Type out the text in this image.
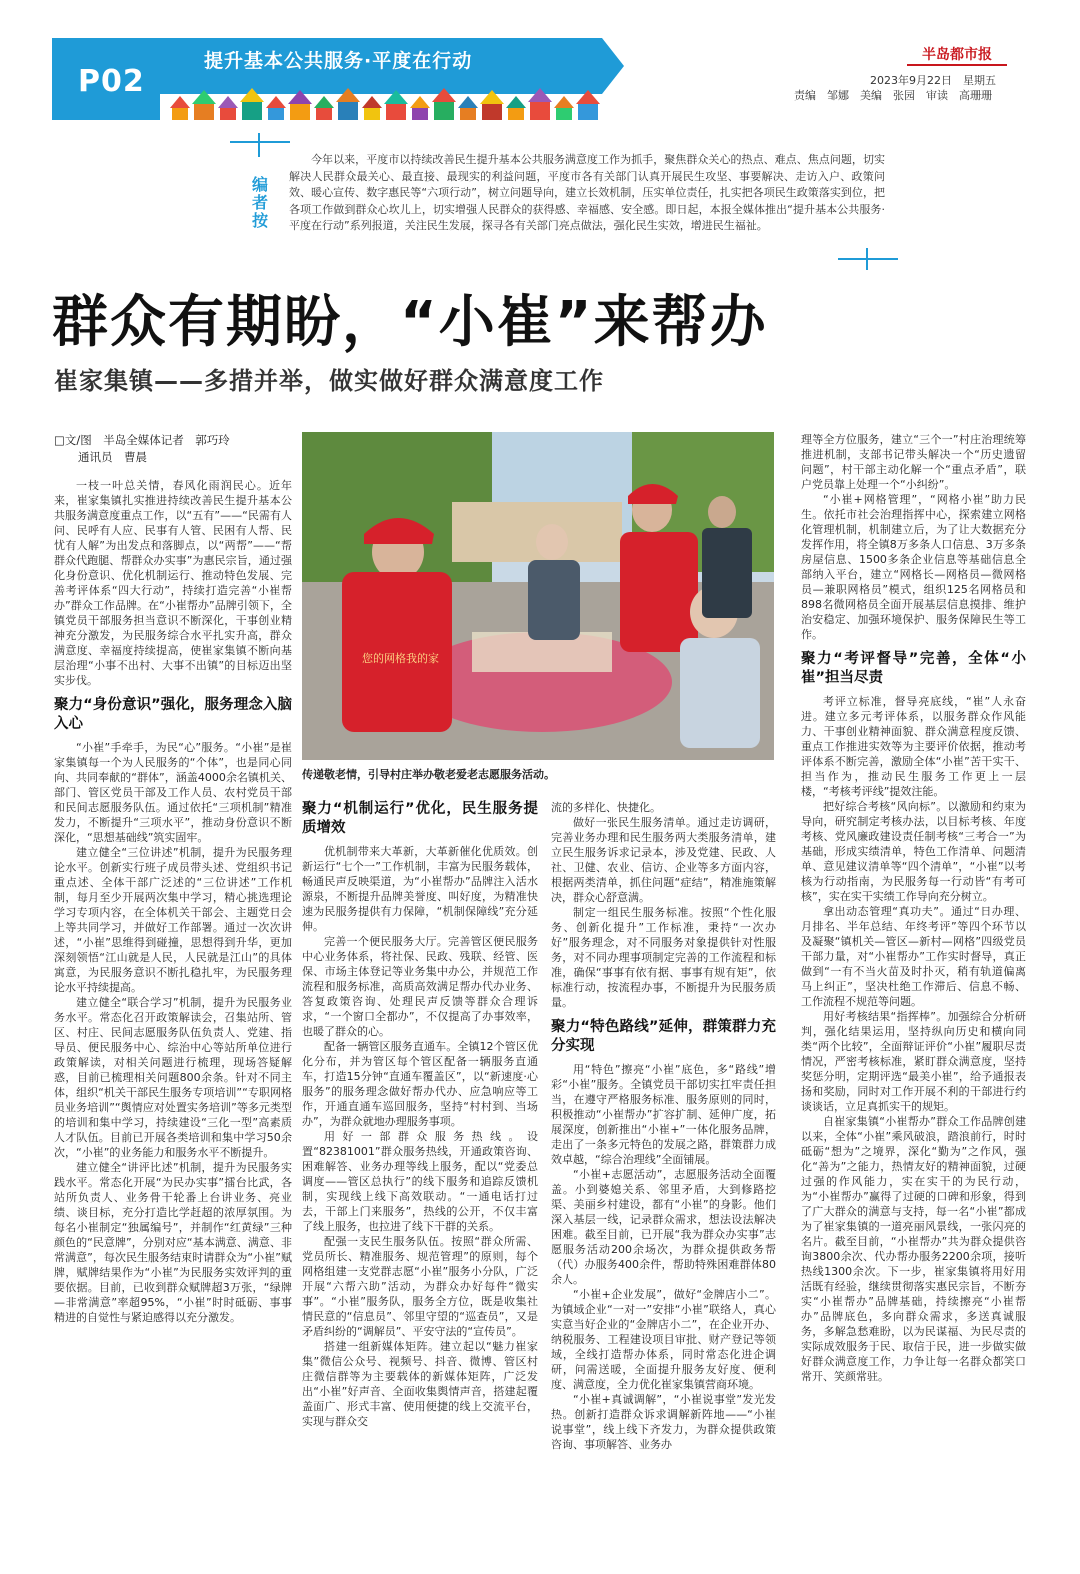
P02
提升基本公共服务·平度在行动	半岛都市报
2023年9月22日　星期五
责编　邹娜　美编　张园　审读　高珊珊
编者按
今年以来，平度市以持续改善民生提升基本公共服务满意度工作为抓手，聚焦群众关心的热点、难点、焦点问题，切实解决人民群众最关心、最直接、最现实的利益问题，平度市各有关部门认真开展民生攻坚、事要解决、走访入户、政策问效、暖心宣传、数字惠民等“六项行动”，树立问题导向，建立长效机制，压实单位责任，扎实把各项民生政策落实到位，把各项工作做到群众心坎儿上，切实增强人民群众的获得感、幸福感、安全感。即日起，本报全媒体推出“提升基本公共服务·平度在行动”系列报道，关注民生发展，探寻各有关部门亮点做法，强化民生实效，增进民生福祉。
群众有期盼，“小崔”来帮办
崔家集镇——多措并举，做实做好群众满意度工作
□文/图　半岛全媒体记者　郭巧玲
通讯员　曹晨

一枝一叶总关情，春风化雨润民心。近年来，崔家集镇扎实推进持续改善民生提升基本公共服务满意度重点工作，以“五有”——“民需有人问、民呼有人应、民事有人管、民困有人帮、民忧有人解”为出发点和落脚点，以“两帮”——“帮群众代跑腿、帮群众办实事”为惠民宗旨，通过强化身份意识、优化机制运行、推动特色发展、完善考评体系“四大行动”，持续打造完善“小崔帮办”群众工作品牌。在“小崔帮办”品牌引领下，全镇党员干部服务担当意识不断深化，干事创业精神充分激发，为民服务综合水平扎实升高，群众满意度、幸福度持续提高，使崔家集镇不断向基层治理“小事不出村、大事不出镇”的目标迈出坚实步伐。

聚力“身份意识”强化，服务理念入脑入心

“小崔”手牵手，为民“心”服务。“小崔”是崔家集镇每一个为人民服务的“个体”，也是同心同向、共同奉献的“群体”，涵盖4000余名镇机关、部门、管区党员干部及工作人员、农村党员干部和民间志愿服务队伍。通过依托“三项机制”精准发力，不断提升“三项水平”，推动身份意识不断深化，“思想基础线”筑实固牢。

建立健全“三位讲述”机制，提升为民服务理论水平。创新实行班子成员带头述、党组织书记重点述、全体干部广泛述的“三位讲述”工作机制，每月至少开展两次集中学习，精心挑选理论学习专项内容，在全体机关干部会、主题党日会上等共同学习，并做好工作部署。通过一次次讲述，“小崔”思维得到碰撞，思想得到升华，更加深刻领悟“江山就是人民，人民就是江山”的具体寓意，为民服务意识不断扎稳扎牢，为民服务理论水平持续提高。

建立健全“联合学习”机制，提升为民服务业务水平。常态化召开政策解读会，召集站所、管区、村庄、民间志愿服务队伍负责人、党建、指导员、便民服务中心、综治中心等站所单位进行政策解读，对相关问题进行梳理，现场答疑解惑，目前已梳理相关问题800余条。针对不同主体，组织“机关干部民生服务专项培训”“专职网格员业务培训”“舆情应对处置实务培训”等多元类型的培训和集中学习，持续建设“三化一型”高素质人才队伍。目前已开展各类培训和集中学习50余次，“小崔”的业务能力和服务水平不断提升。

建立健全“讲评比述”机制，提升为民服务实践水平。常态化开展“为民办实事”擂台比武，各站所负责人、业务骨干轮番上台讲业务、亮业绩、谈目标，充分打造比学赶超的浓厚氛围。为每名小崔制定“独属编号”，并制作“红黄绿”三种颜色的“民意牌”，分别对应“基本满意、满意、非常满意”，每次民生服务结束时请群众为“小崔”赋牌，赋牌结果作为“小崔”为民服务实效评判的重要依据。目前，已收到群众赋牌超3万张，“绿牌—非常满意”率超95%，“小崔”时时砥砺、事事精进的自觉性与紧迫感得以充分激发。

您的网格我的家
传递敬老情，引导村庄举办敬老爱老志愿服务活动。
聚力“机制运行”优化，民生服务提质增效

优机制带来大革新，大革新催化优质效。创新运行“七个一”工作机制，丰富为民服务载体，畅通民声反映渠道，为“小崔帮办”品牌注入活水源泉，不断提升品牌美誉度、叫好度，为精准快速为民服务提供有力保障，“机制保障线”充分延伸。

完善一个便民服务大厅。完善管区便民服务中心业务体系，将社保、民政、残联、经管、医保、市场主体登记等业务集中办公，并规范工作流程和服务标准，高质高效满足帮办代办业务、答复政策咨询、处理民声反馈等群众合理诉求，“一个窗口全都办”，不仅提高了办事效率，也暖了群众的心。

配备一辆管区服务直通车。全镇12个管区优化分布，并为管区每个管区配备一辆服务直通车，打造15分钟“直通车覆盖区”，以“新速度·心服务”的服务理念做好帮办代办、应急响应等工作，开通直通车巡回服务，坚持“村村到、当场办”，为群众就地办理服务事项。

用好一部群众服务热线。设置“82381001”群众服务热线，开通政策咨询、困难解答、业务办理等线上服务，配以“党委总调度——管区总执行”的线下服务和追踪反馈机制，实现线上线下高效联动。“一通电话打过去，干部上门来服务”，热线的公开，不仅丰富了线上服务，也拉进了线下干群的关系。

配强一支民生服务队伍。按照“群众所需、党员所长、精准服务、规范管理”的原则，每个网格组建一支党群志愿“小崔”服务小分队，广泛开展“六帮六助”活动，为群众办好每件“微实事”。“小崔”服务队，服务全方位，既是收集社情民意的“信息员”、邻里守望的“巡查员”，又是矛盾纠纷的“调解员”、平安守法的“宣传员”。

搭建一组新媒体矩阵。建立起以“魅力崔家集”微信公众号、视频号、抖音、微博、管区村庄微信群等为主要载体的新媒体矩阵，广泛发出“小崔”好声音、全面收集舆情声音，搭建起覆盖面广、形式丰富、使用便捷的线上交流平台，实现与群众交

流的多样化、快捷化。

做好一张民生服务清单。通过走访调研，完善业务办理和民生服务两大类服务清单，建立民生服务诉求记录本，涉及党建、民政、人社、卫健、农业、信访、企业等多方面内容，根据两类清单，抓住问题“症结”，精准施策解决，群众心舒意满。

制定一组民生服务标准。按照“个性化服务、创新化提升”工作标准，秉持“一次办好”服务理念，对不同服务对象提供针对性服务，对不同办理事项制定完善的工作流程和标准，确保“事事有依有据、事事有规有矩”，依标准行动，按流程办事，不断提升为民服务质量。

聚力“特色路线”延伸，群策群力充分实现

用“特色”擦亮“小崔”底色，多“路线”增彩“小崔”服务。全镇党员干部切实扛牢责任担当，在遵守严格服务标准、服务原则的同时，积极推动“小崔帮办”扩容扩制、延伸广度，拓展深度，创新推出“小崔+”一体化服务品牌，走出了一条多元特色的发展之路，群策群力成效卓越，“综合治理线”全面铺展。

“小崔+志愿活动”，志愿服务活动全面覆盖。小到婆媳关系、邻里矛盾，大到修路挖渠、美丽乡村建设，都有“小崔”的身影。他们深入基层一线，记录群众需求，想法设法解决困难。截至目前，已开展“我为群众办实事”志愿服务活动200余场次，为群众提供政务帮（代）办服务400余件，帮助特殊困难群体80余人。

“小崔+企业发展”，做好“金牌店小二”。为镇域企业“一对一”安排“小崔”联络人，真心实意当好企业的“金牌店小二”，在企业开办、纳税服务、工程建设项目审批、财产登记等领域，全线打造帮办体系，同时常态化进企调研，问需送暖，全面提升服务友好度、便利度、满意度，全力优化崔家集镇营商环境。

“小崔+真诚调解”，“小崔说事堂”发光发热。创新打造群众诉求调解新阵地——“小崔说事堂”，线上线下齐发力，为群众提供政策咨询、事项解答、业务办

理等全方位服务，建立“三个一”村庄治理统筹推进机制，支部书记带头解决一个“历史遗留问题”，村干部主动化解一个“重点矛盾”，联户党员靠上处理一个“小纠纷”。

“小崔+网格管理”，“网格小崔”助力民生。依托市社会治理指挥中心，探索建立网格化管理机制，机制建立后，为了让大数据充分发挥作用，将全镇8万多条人口信息、3万多条房屋信息、1500多条企业信息等基础信息全部纳入平台，建立“网格长—网格员—微网格员—兼职网格员”模式，组织125名网格员和898名微网格员全面开展基层信息摸排、维护治安稳定、加强环境保护、服务保障民生等工作。

聚力“考评督导”完善，全体“小崔”担当尽责

考评立标准，督导亮底线，“崔”人永奋进。建立多元考评体系，以服务群众作风能力、干事创业精神面貌、群众满意程度反馈、重点工作推进实效等为主要评价依据，推动考评体系不断完善，激励全体“小崔”苦干实干、担当作为，推动民生服务工作更上一层楼，“考核考评线”提效注能。

把好综合考核“风向标”。以激励和约束为导向，研究制定考核办法，以目标考核、年度考核、党风廉政建设责任制考核“三考合一”为基础，形成实绩清单，特色工作清单、问题清单、意见建议清单等“四个清单”，“小崔”以考核为行动指南，为民服务每一行动皆“有考可核”，实在实干实绩工作导向充分树立。

拿出动态管理“真功夫”。通过“日办理、月排名、半年总结、年终考评”等四个环节以及凝聚“镇机关—管区—新村—网格”四级党员干部力量，对“小崔帮办”工作实时督导，真正做到“一有不当火苗及时扑灭，稍有轨道偏离马上纠正”，坚决杜绝工作滞后、信息不畅、工作流程不规范等问题。

用好考核结果“指挥棒”。加强综合分析研判，强化结果运用，坚持纵向历史和横向同类“两个比较”，全面辩证评价“小崔”履职尽责情况，严密考核标准，紧盯群众满意度，坚持奖惩分明，定期评选“最美小崔”，给予通报表扬和奖励，同时对工作开展不利的干部进行约谈谈话，立足真抓实干的规矩。

自崔家集镇“小崔帮办”群众工作品牌创建以来，全体“小崔”乘风破浪，踏浪前行，时时砥砺“想为”之境界，深化“勤为”之作风，强化“善为”之能力，热情友好的精神面貌，过硬过强的作风能力，实在实干的为民行动，为“小崔帮办”赢得了过硬的口碑和形象，得到了广大群众的满意与支持，每一名“小崔”都成为了崔家集镇的一道亮丽风景线，一张闪亮的名片。截至目前，“小崔帮办”共为群众提供咨询3800余次、代办帮办服务2200余项，接听热线1300余次。下一步，崔家集镇将用好用活既有经验，继续贯彻落实惠民宗旨，不断夯实“小崔帮办”品牌基础，持续擦亮“小崔帮办”品牌底色，多向群众需求，多送真诚服务，多解急愁难盼，以为民谋福、为民尽责的实际成效服务于民、取信于民，进一步做实做好群众满意度工作，力争让每一名群众都笑口常开、笑颜常驻。
